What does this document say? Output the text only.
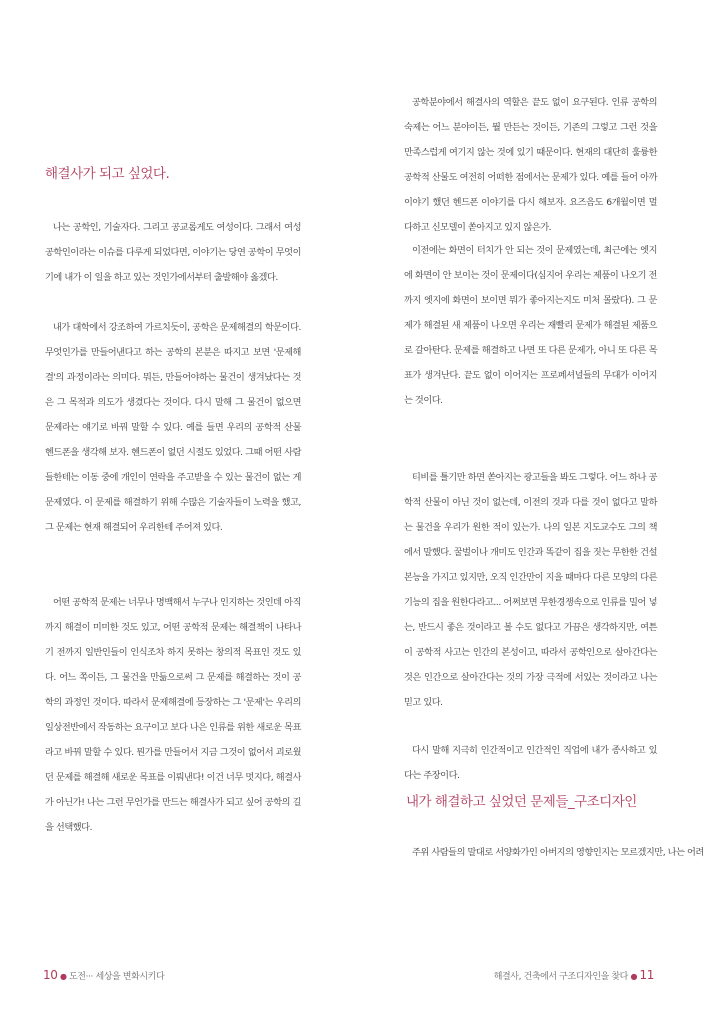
해결사가 되고 싶었다.
나는 공학인, 기술자다. 그리고 공교롭게도 여성이다. 그래서 여성공학인이라는 이슈를 다루게 되었다면, 이야기는 당연 공학이 무엇이기에 내가 이 일을 하고 있는 것인가에서부터 출발해야 옳겠다.
내가 대학에서 강조하여 가르치듯이, 공학은 문제해결의 학문이다. 무엇인가를 만들어낸다고 하는 공학의 본분은 따지고 보면 '문제해결'의 과정이라는 의미다. 뭐든, 만들어야하는 물건이 생겨났다는 것은 그 목적과 의도가 생겼다는 것이다. 다시 말해 그 물건이 없으면 문제라는 얘기로 바꿔 말할 수 있다. 예를 들면 우리의 공학적 산물 헨드폰을 생각해 보자. 헨드폰이 없던 시절도 있었다. 그때 어떤 사람들한테는 이동 중에 개인이 연락을 주고받을 수 있는 물건이 없는 게 문제였다. 이 문제를 해결하기 위해 수많은 기술자들이 노력을 했고, 그 문제는 현재 해결되어 우리한테 주어져 있다.
어떤 공학적 문제는 너무나 명백해서 누구나 인지하는 것인데 아직까지 해결이 미미한 것도 있고, 어떤 공학적 문제는 해결책이 나타나기 전까지 일반인들이 인식조차 하지 못하는 창의적 목표인 것도 있다. 어느 쪽이든, 그 물건을 만듦으로써 그 문제를 해결하는 것이 공학의 과정인 것이다. 따라서 문제해결에 등장하는 그 '문제'는 우리의 일상전반에서 작동하는 요구이고 보다 나은 인류를 위한 새로운 목표라고 바꿔 말할 수 있다. 뭔가를 만들어서 지금 그것이 없어서 괴로웠던 문제를 해결해 새로운 목표를 이뤄낸다! 이건 너무 멋지다, 해결사가 아닌가! 나는 그런 무언가를 만드는 해결사가 되고 싶어 공학의 길을 선택했다.
공학분야에서 해결사의 역할은 끝도 없이 요구된다. 인류 공학의 숙제는 어느 분야이든, 뭘 만든는 것이든, 기존의 그렇고 그런 것을 만족스럽게 여기지 않는 것에 있기 때문이다. 현재의 대단히 훌륭한 공학적 산물도 여전히 어떠한 점에서는 문제가 있다. 예를 들어 아까 이야기 했던 헨드폰 이야기를 다시 해보자. 요즈음도 6개월이면 멀다하고 신모델이 쏟아지고 있지 않은가.
이전에는 화면이 터치가 안 되는 것이 문제였는데, 최근에는 엣지에 화면이 안 보이는 것이 문제이다(심지어 우리는 제품이 나오기 전까지 엣지에 화면이 보이면 뭐가 좋아지는지도 미처 몰랐다). 그 문제가 해결된 새 제품이 나오면 우리는 재빨리 문제가 해결된 제품으로 갈아탄다. 문제를 해결하고 나면 또 다른 문제가, 아니 또 다른 목표가 생겨난다. 끝도 없이 이어지는 프로페셔널들의 무대가 이어지는 것이다.
티비를 틀기만 하면 쏟아지는 광고들을 봐도 그렇다. 어느 하나 공학적 산물이 아닌 것이 없는데, 이전의 것과 다를 것이 없다고 말하는 물건을 우리가 원한 적이 있는가. 나의 일본 지도교수도 그의 책에서 말했다. 꿀벌이나 개미도 인간과 똑같이 집을 짓는 무한한 건설본능을 가지고 있지만, 오직 인간만이 지을 때마다 다른 모양의 다른 기능의 집을 원한다라고... 어쩌보면 무한경쟁속으로 인류를 밀어 넣는, 반드시 좋은 것이라고 볼 수도 없다고 가끔은 생각하지만, 여튼 이 공학적 사고는 인간의 본성이고, 따라서 공학인으로 살아간다는 것은 인간으로 살아간다는 것의 가장 극적에 서있는 것이라고 나는 믿고 있다.
다시 말해 지극히 인간적이고 인간적인 직업에 내가 종사하고 있다는 주장이다.
내가 해결하고 싶었던 문제들_구조디자인
주위 사람들의 말대로 서양화가인 아버지의 영향인지는 모르겠지만, 나는 어려
10 ● 도전··· 세상을 변화시키다	해결사, 건축에서 구조디자인을 찾다 ● 11
